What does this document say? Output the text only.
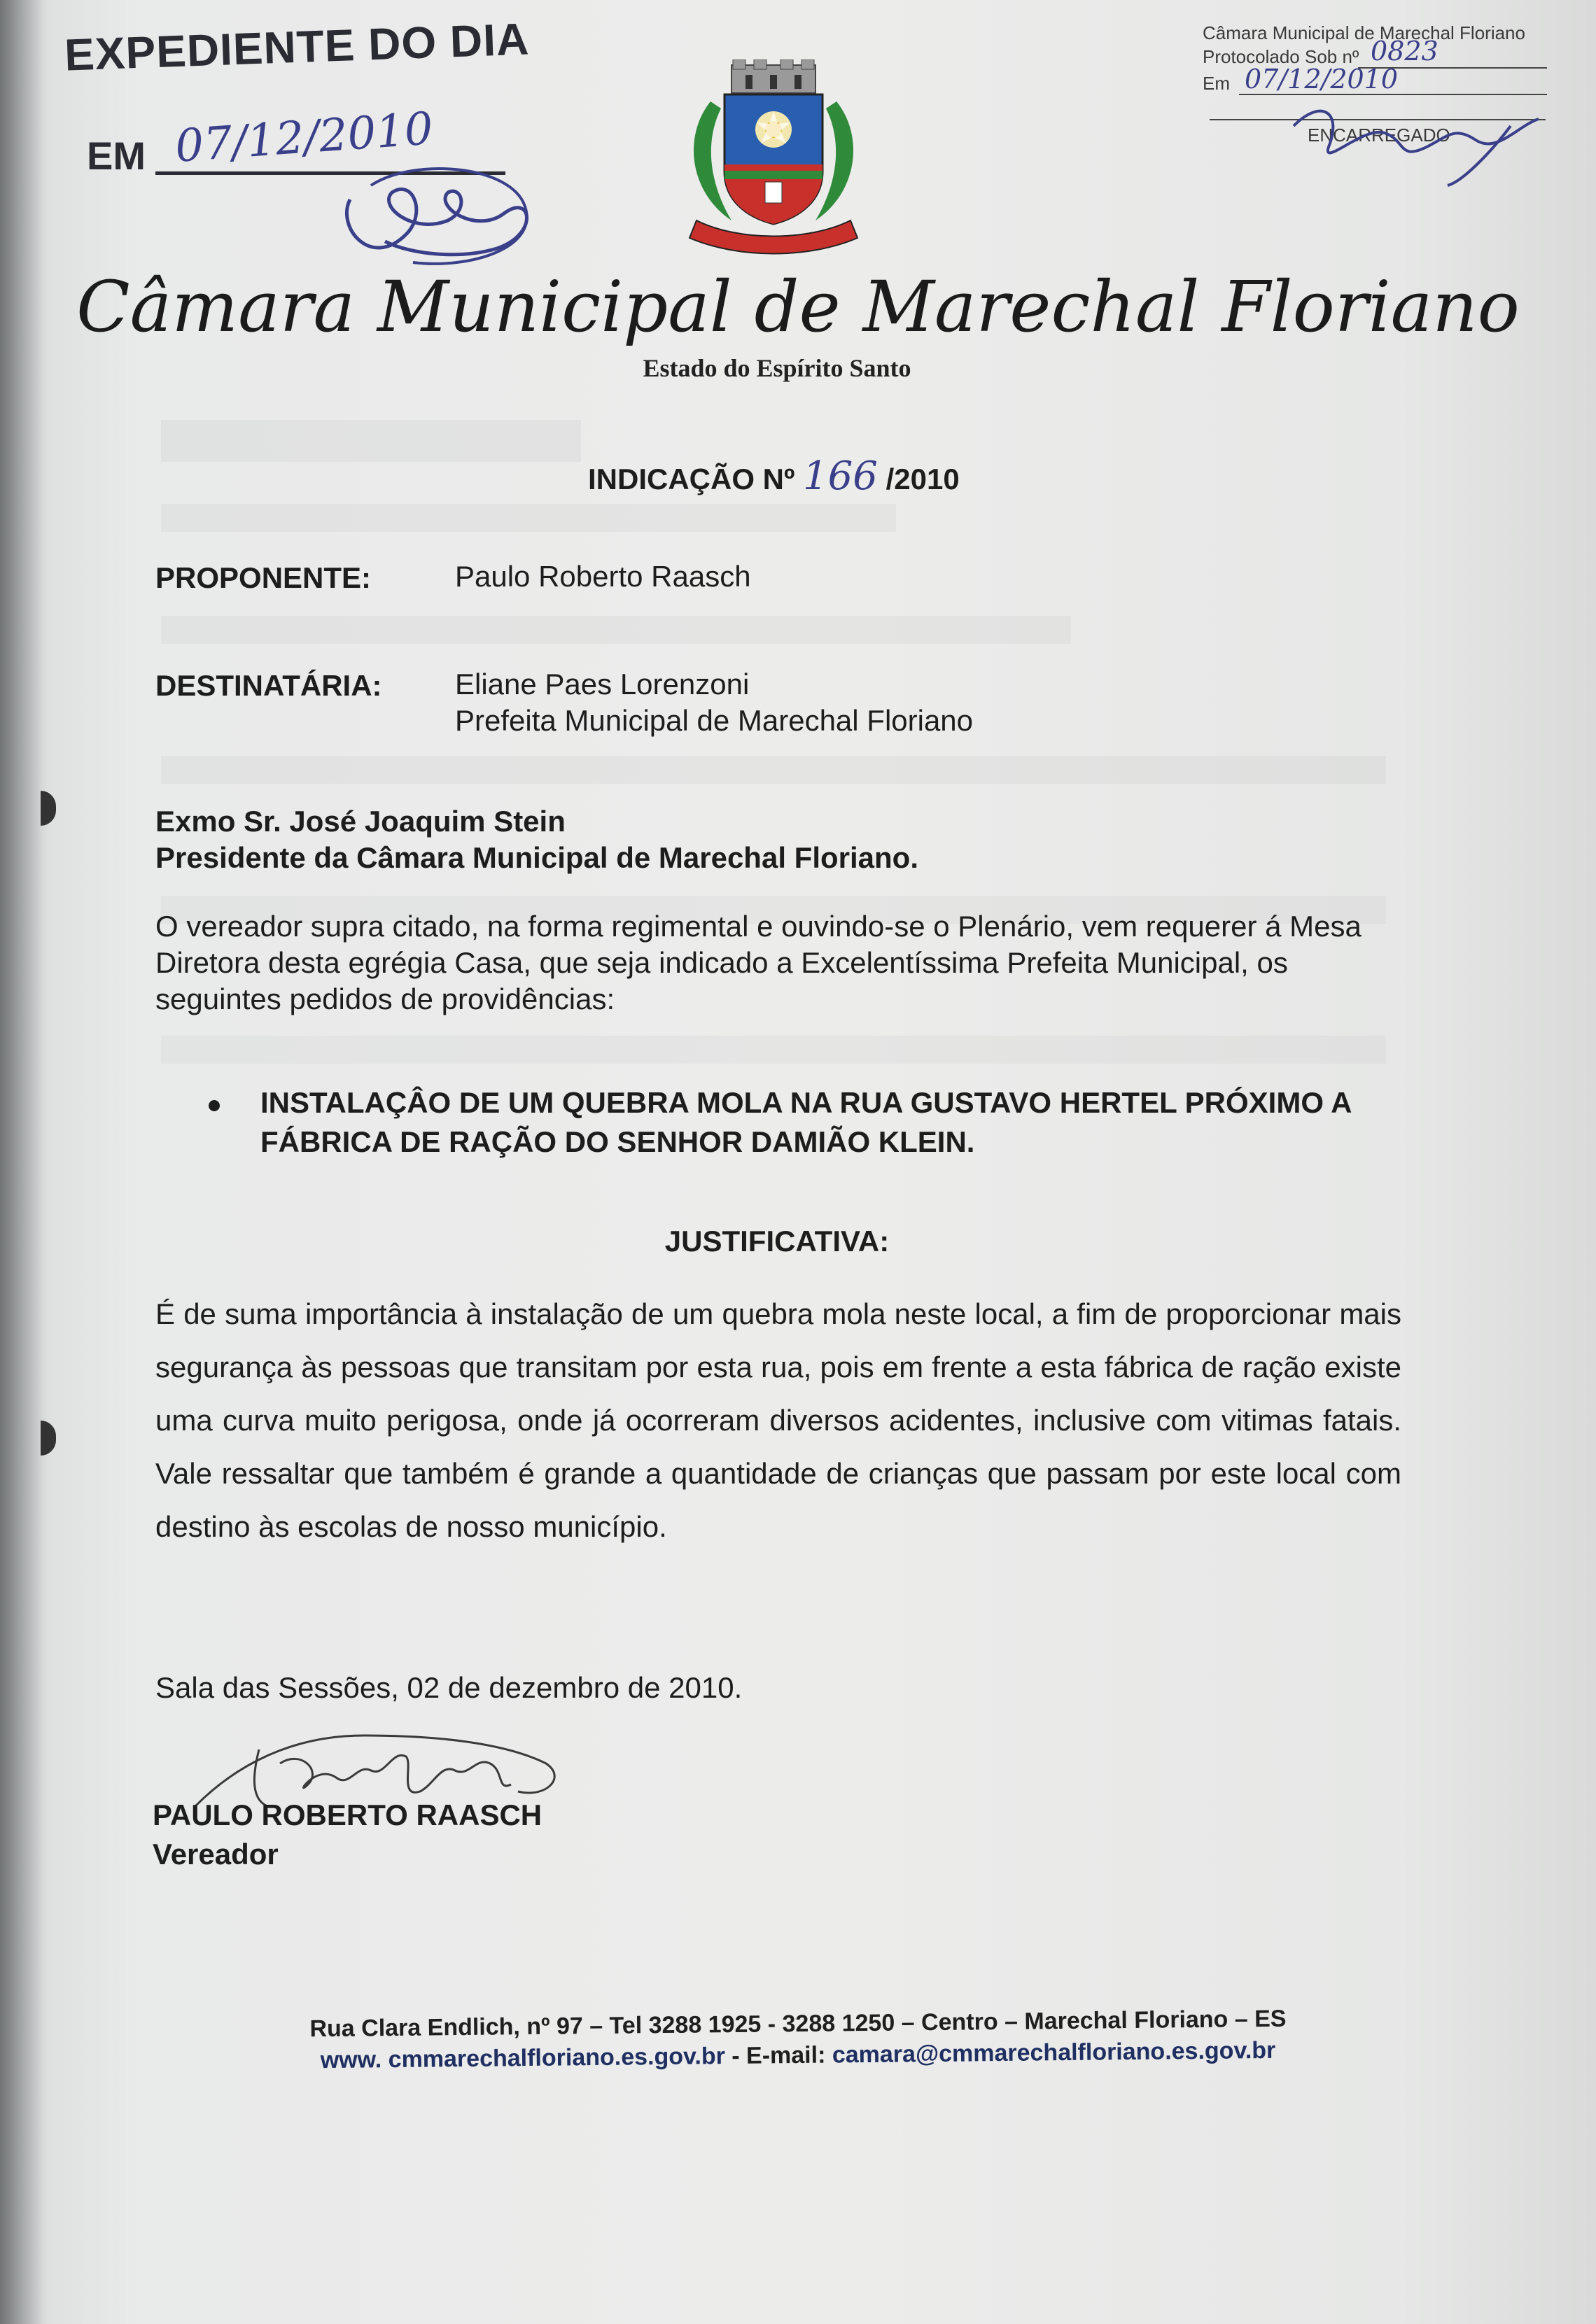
EXPEDIENTE DO DIA
EM 07/12/2010
Câmara Municipal de Marechal Floriano
Protocolado Sob nº 0823
Em 07/12/2010
ENCARREGADO
Câmara Municipal de Marechal Floriano
Estado do Espírito Santo
INDICAÇÃO Nº 166 /2010
PROPONENTE:	Paulo Roberto Raasch
DESTINATÁRIA: Eliane Paes Lorenzoni
Prefeita Municipal de Marechal Floriano
Exmo Sr. José Joaquim Stein
Presidente da Câmara Municipal de Marechal Floriano.
O vereador supra citado, na forma regimental e ouvindo-se o Plenário, vem requerer á Mesa Diretora desta egrégia Casa, que seja indicado a Excelentíssima Prefeita Municipal, os seguintes pedidos de providências:
INSTALAÇÂO DE UM QUEBRA MOLA NA RUA GUSTAVO HERTEL PRÓXIMO A FÁBRICA DE RAÇÃO DO SENHOR DAMIÃO KLEIN.
JUSTIFICATIVA:
É de suma importância à instalação de um quebra mola neste local, a fim de proporcionar mais segurança às pessoas que transitam por esta rua, pois em frente a esta fábrica de ração existe uma curva muito perigosa, onde já ocorreram diversos acidentes, inclusive com vitimas fatais. Vale ressaltar que também é grande a quantidade de crianças que passam por este local com destino às escolas de nosso município.
Sala das Sessões, 02 de dezembro de 2010.
PAULO ROBERTO RAASCH
Vereador
Rua Clara Endlich, nº 97 – Tel 3288 1925 - 3288 1250 – Centro – Marechal Floriano – ES
www. cmmarechalfloriano.es.gov.br - E-mail: camara@cmmarechalfloriano.es.gov.br
